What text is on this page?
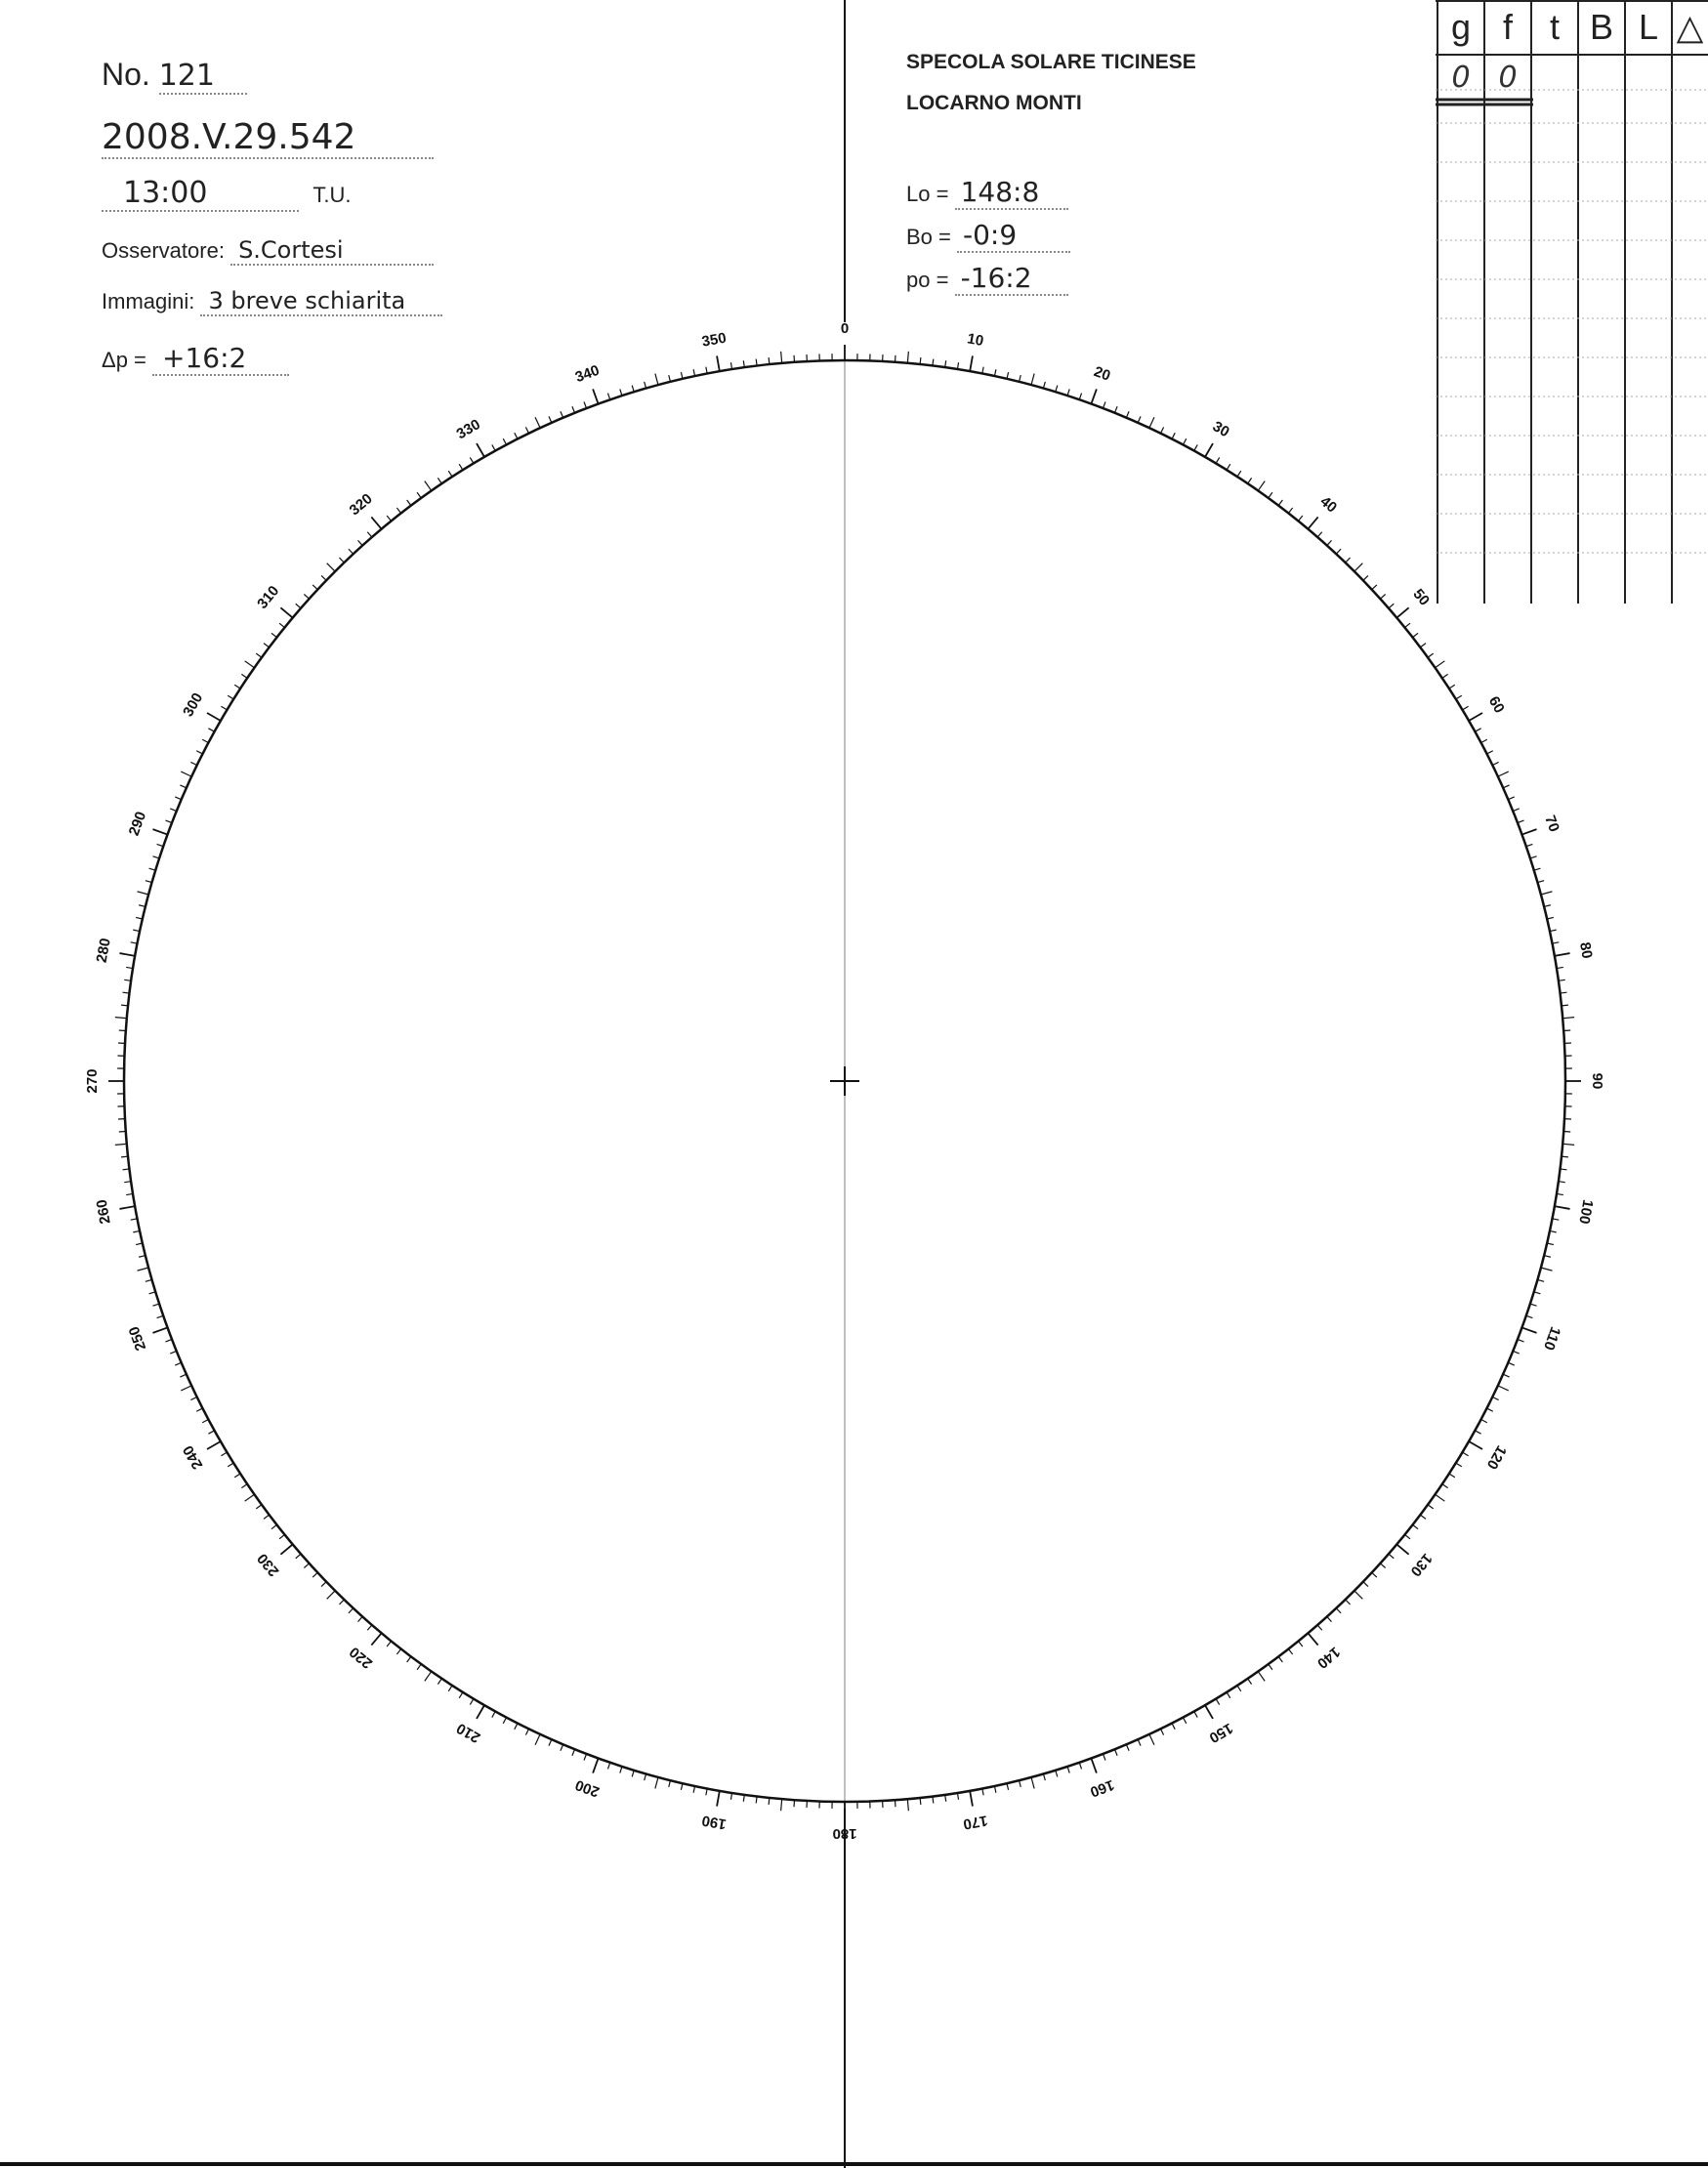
No. 121
2008.V.29.542
13:00	T.U.
Osservatore: S.Cortesi
Immagini: 3 breve schiarita
Δp = +16:2
SPECOLA SOLARE TICINESE
LOCARNO MONTI
Lo = 148:8
Bo = -0:9
po = -16:2
g f	t B L △
0 0
0
10
20
30
40
50
60
70
80
90
100
110
120
130
140
150
160
170
180
190
200
210
220
230
240
250
260
270
280
290
300
310
320
330
340
350
